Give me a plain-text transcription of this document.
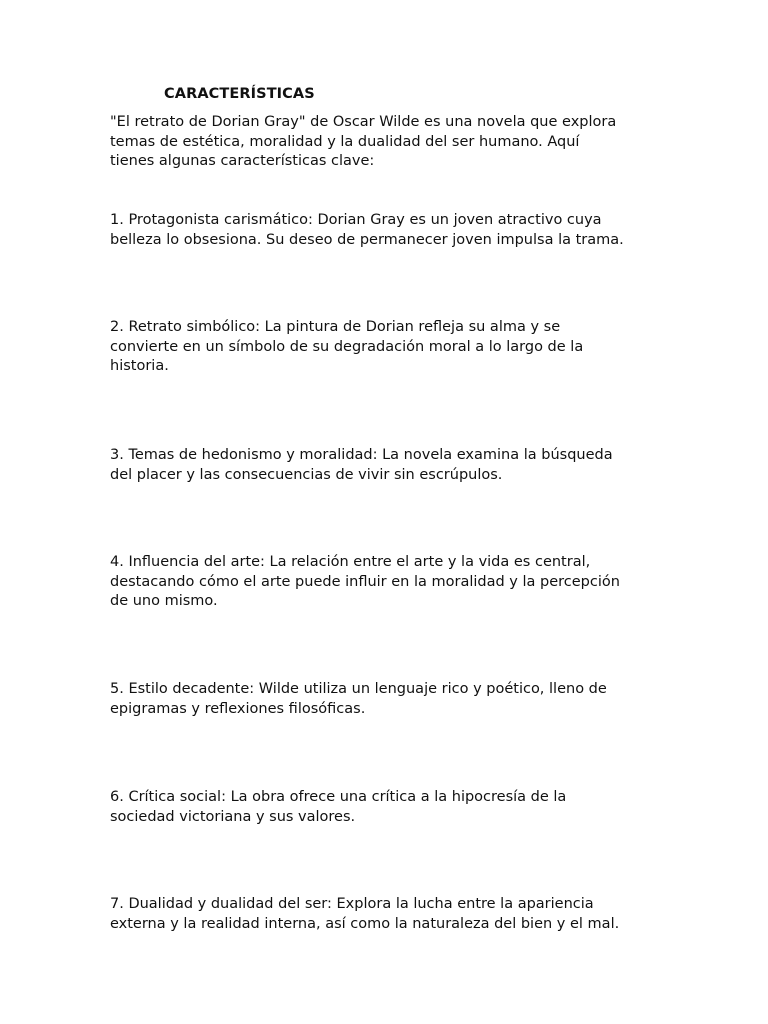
CARACTERÍSTICAS
"El retrato de Dorian Gray" de Oscar Wilde es una novela que explora
temas de estética, moralidad y la dualidad del ser humano. Aquí
tienes algunas características clave:
1. Protagonista carismático: Dorian Gray es un joven atractivo cuya
belleza lo obsesiona. Su deseo de permanecer joven impulsa la trama.
2. Retrato simbólico: La pintura de Dorian refleja su alma y se
convierte en un símbolo de su degradación moral a lo largo de la
historia.
3. Temas de hedonismo y moralidad: La novela examina la búsqueda
del placer y las consecuencias de vivir sin escrúpulos.
4. Influencia del arte: La relación entre el arte y la vida es central,
destacando cómo el arte puede influir en la moralidad y la percepción
de uno mismo.
5. Estilo decadente: Wilde utiliza un lenguaje rico y poético, lleno de
epigramas y reflexiones filosóficas.
6. Crítica social: La obra ofrece una crítica a la hipocresía de la
sociedad victoriana y sus valores.
7. Dualidad y dualidad del ser: Explora la lucha entre la apariencia
externa y la realidad interna, así como la naturaleza del bien y el mal.
